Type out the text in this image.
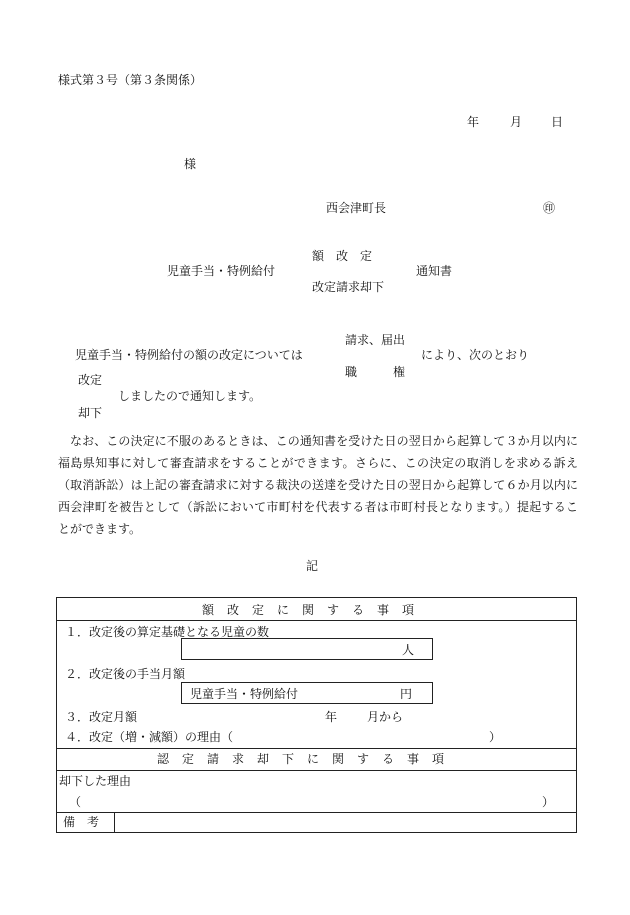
様式第３号（第３条関係）
年	月 日
様
西会津町長	㊞
額　改　定
児童手当・特例給付	通知書
改定請求却下
請求、届出
児童手当・特例給付の額の改定については	により、次のとおり
職　　　権
改定
しましたので通知します。
却下
なお、この決定に不服のあるときは、この通知書を受けた日の翌日から起算して３か月以内に福島県知事に対して審査請求をすることができます。さらに、この決定の取消しを求める訴え（取消訴訟）は上記の審査請求に対する裁決の送達を受けた日の翌日から起算して６か月以内に西会津町を被告として（訴訟において市町村を代表する者は市町村長となります。）提起することができます。
記
額改定に関する事項
１．改定後の算定基礎となる児童の数
人
２．改定後の手当月額
児童手当・特例給付	円
３．改定月額	年 月から
４．改定（増・減額）の理由（	）
認定請求却下に関する事項
却下した理由
（	）
備　考
